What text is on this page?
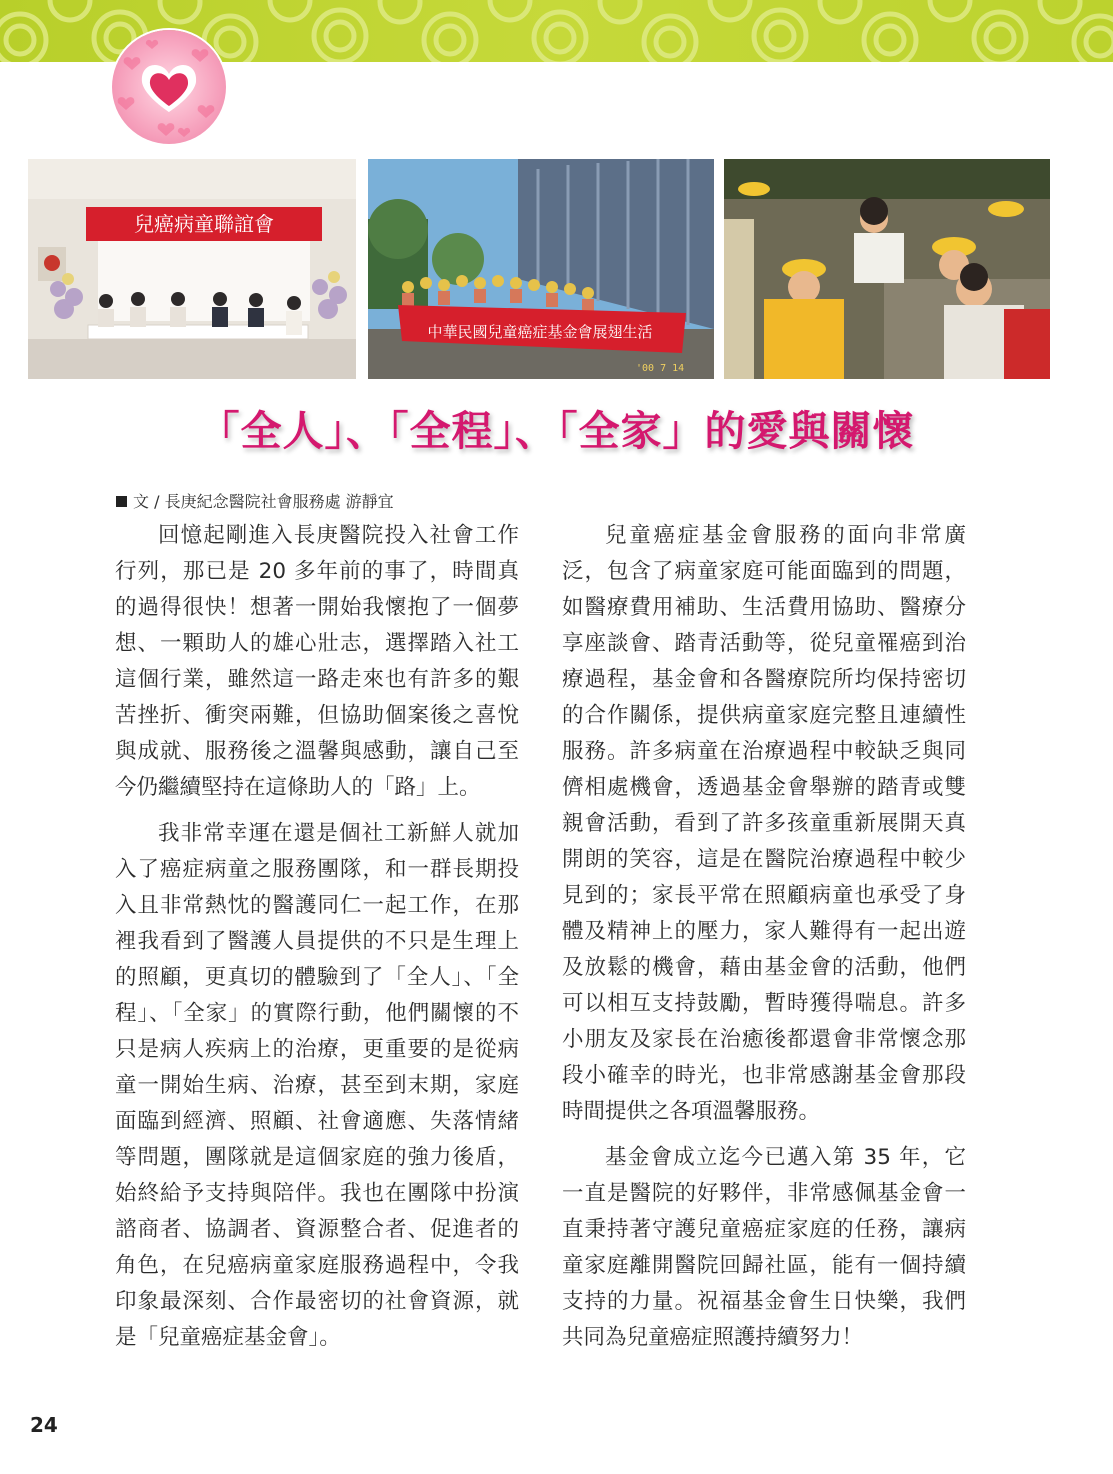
兒癌病童聯誼會
中華民國兒童癌症基金會展翅生活
'00 7 14
「全人」、「全程」、「全家」的愛與關懷
文 / 長庚紀念醫院社會服務處 游靜宜

回憶起剛進入長庚醫院投入社會工作行列，那已是 20 多年前的事了，時間真的過得很快！想著一開始我懷抱了一個夢想、一顆助人的雄心壯志，選擇踏入社工這個行業，雖然這一路走來也有許多的艱苦挫折、衝突兩難，但協助個案後之喜悅與成就、服務後之溫馨與感動，讓自己至今仍繼續堅持在這條助人的「路」上。

我非常幸運在還是個社工新鮮人就加入了癌症病童之服務團隊，和一群長期投入且非常熱忱的醫護同仁一起工作，在那裡我看到了醫護人員提供的不只是生理上的照顧，更真切的體驗到了「全人」、「全程」、「全家」的實際行動，他們關懷的不只是病人疾病上的治療，更重要的是從病童一開始生病、治療，甚至到末期，家庭面臨到經濟、照顧、社會適應、失落情緒等問題，團隊就是這個家庭的強力後盾，始終給予支持與陪伴。我也在團隊中扮演諮商者、協調者、資源整合者、促進者的角色，在兒癌病童家庭服務過程中，令我印象最深刻、合作最密切的社會資源，就是「兒童癌症基金會」。

兒童癌症基金會服務的面向非常廣泛，包含了病童家庭可能面臨到的問題，如醫療費用補助、生活費用協助、醫療分享座談會、踏青活動等，從兒童罹癌到治療過程，基金會和各醫療院所均保持密切的合作關係，提供病童家庭完整且連續性服務。許多病童在治療過程中較缺乏與同儕相處機會，透過基金會舉辦的踏青或雙親會活動，看到了許多孩童重新展開天真開朗的笑容，這是在醫院治療過程中較少見到的；家長平常在照顧病童也承受了身體及精神上的壓力，家人難得有一起出遊及放鬆的機會，藉由基金會的活動，他們可以相互支持鼓勵，暫時獲得喘息。許多小朋友及家長在治癒後都還會非常懷念那段小確幸的時光，也非常感謝基金會那段時間提供之各項溫馨服務。

基金會成立迄今已邁入第 35 年，它一直是醫院的好夥伴，非常感佩基金會一直秉持著守護兒童癌症家庭的任務，讓病童家庭離開醫院回歸社區，能有一個持續支持的力量。祝福基金會生日快樂，我們共同為兒童癌症照護持續努力！

24
